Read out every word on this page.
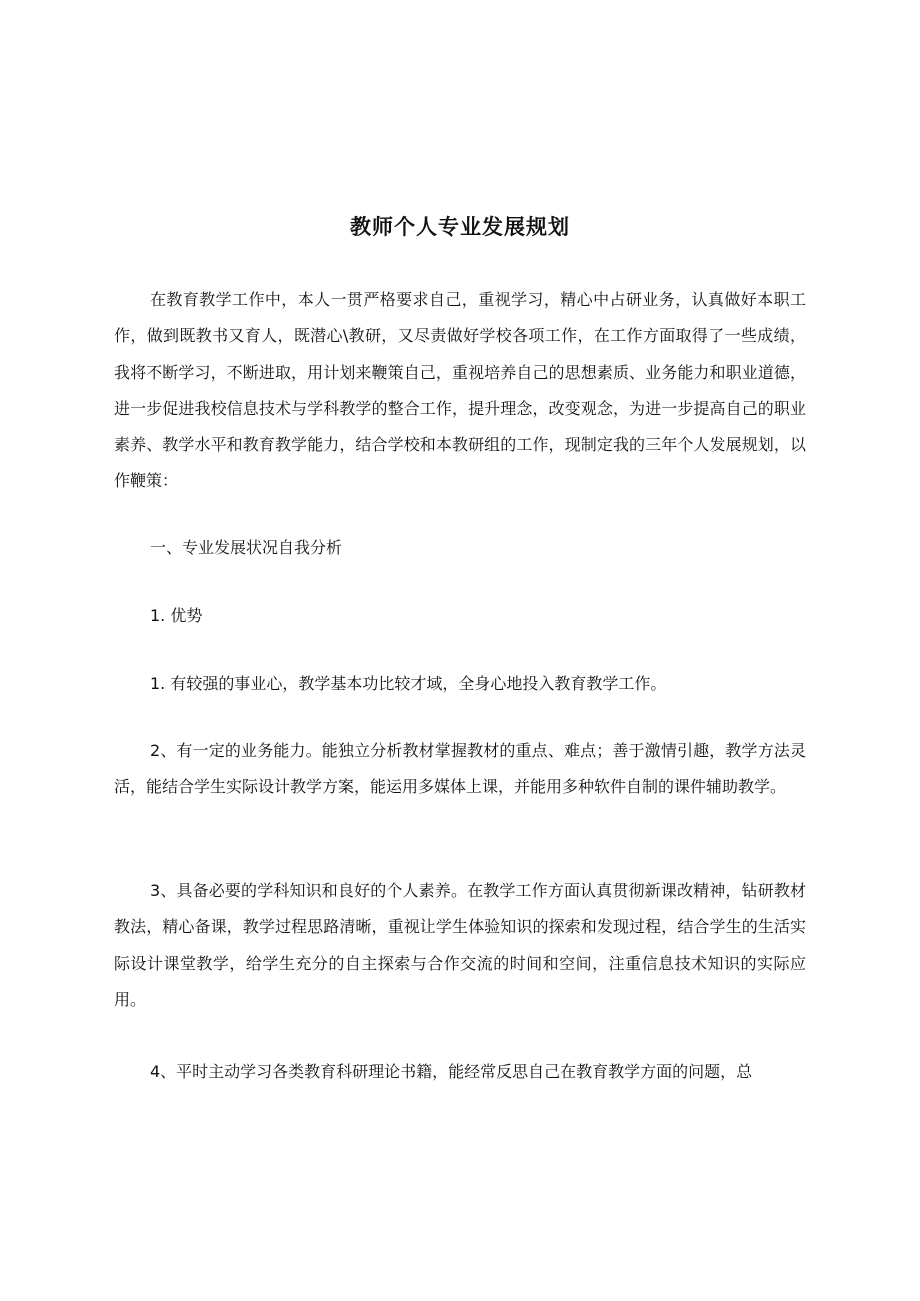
教师个人专业发展规划

在教育教学工作中，本人一贯严格要求自己，重视学习，精心中占研业务，认真做好本职工作，做到既教书又育人，既潜心\教研，又尽责做好学校各项工作，在工作方面取得了一些成绩，我将不断学习，不断进取，用计划来鞭策自己，重视培养自己的思想素质、业务能力和职业道德，进一步促进我校信息技术与学科教学的整合工作，提升理念，改变观念，为进一步提高自己的职业素养、教学水平和教育教学能力，结合学校和本教研组的工作，现制定我的三年个人发展规划，以作鞭策：

一、专业发展状况自我分析

1. 优势

1. 有较强的事业心，教学基本功比较才域，全身心地投入教育教学工作。

2、有一定的业务能力。能独立分析教材掌握教材的重点、难点；善于激情引趣，教学方法灵活，能结合学生实际设计教学方案，能运用多媒体上课，并能用多种软件自制的课件辅助教学。

3、具备必要的学科知识和良好的个人素养。在教学工作方面认真贯彻新课改精神，钻研教材教法，精心备课，教学过程思路清晰，重视让学生体验知识的探索和发现过程，结合学生的生活实际设计课堂教学，给学生充分的自主探索与合作交流的时间和空间，注重信息技术知识的实际应用。

4、平时主动学习各类教育科研理论书籍，能经常反思自己在教育教学方面的问题，总
